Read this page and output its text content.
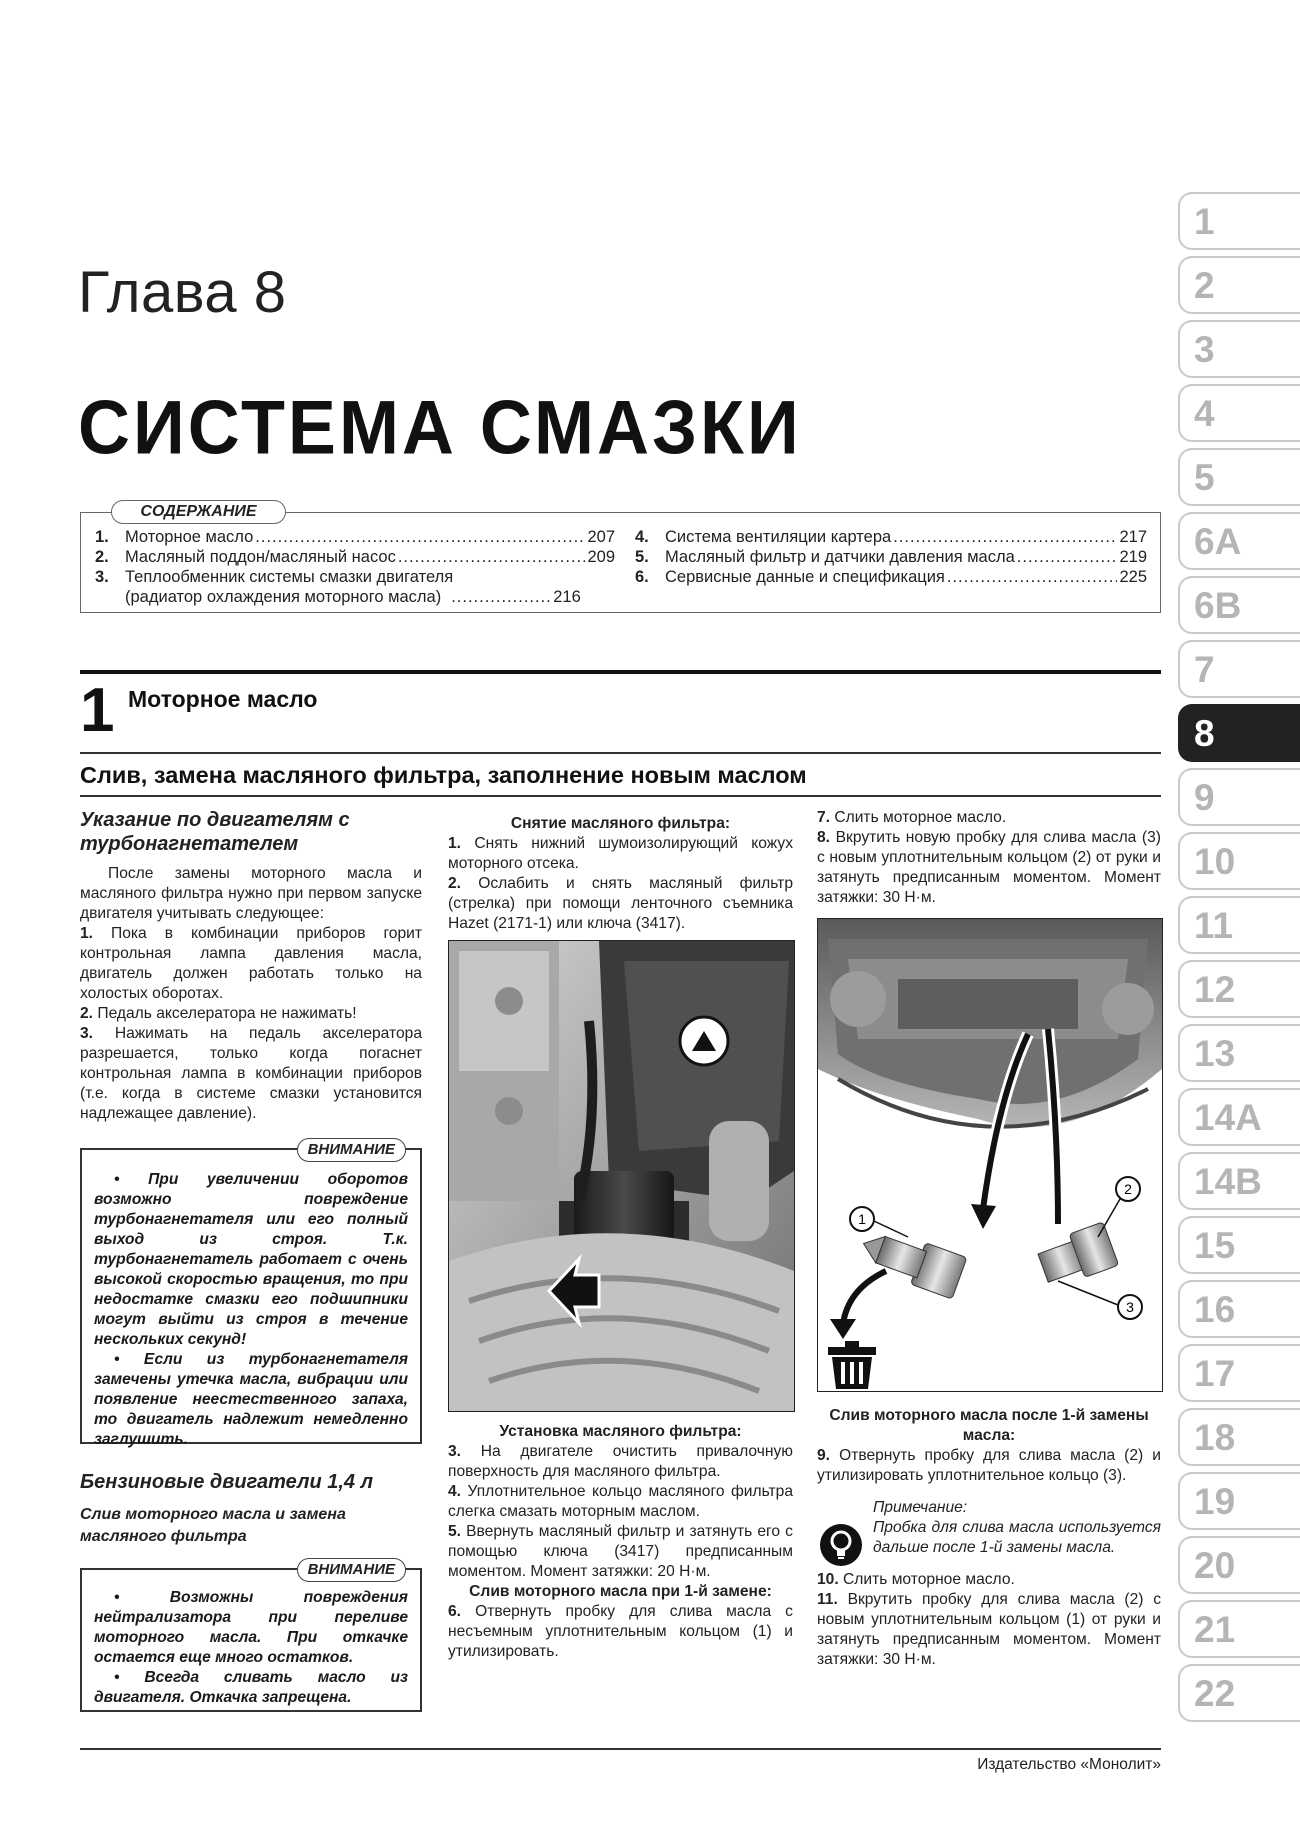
Глава 8
СИСТЕМА СМАЗКИ
СОДЕРЖАНИЕ
1. Моторное масло .....	207
2. Масляный поддон/масляный насос .....	209
3. Теплообменник системы смазки двигателя
(радиатор охлаждения моторного масла) .....	216
4. Система вентиляции картера .....	217
5. Масляный фильтр и датчики давления масла .....	219
6. Сервисные данные и спецификация .....	225
1 Моторное масло
Слив, замена масляного фильтра, заполнение новым маслом

Указание по двигателям с турбонагнетателем

После замены моторного масла и масляного фильтра нужно при первом запуске двигателя учитывать следующее:

1. Пока в комбинации приборов горит контрольная лампа давления масла, двигатель должен работать только на холостых оборотах.

2. Педаль акселератора не нажимать!

3. Нажимать на педаль акселератора разрешается, только когда погаснет контрольная лампа в комбинации приборов (т.е. когда в системе смазки установится надлежащее давление).

ВНИМАНИЕ

• При увеличении оборотов возможно повреждение турбонагнетателя или его полный выход из строя. Т.к. турбонагнетатель работает с очень высокой скоростью вращения, то при недостатке смазки его подшипники могут выйти из строя в течение нескольких секунд!

• Если из турбонагнетателя замечены утечка масла, вибрации или появление неестественного запаха, то двигатель надлежит немедленно заглушить.

Бензиновые двигатели 1,4 л

Слив моторного масла и замена масляного фильтра

ВНИМАНИЕ

• Возможны повреждения нейтрализатора при переливе моторного масла. При откачке остается еще много остатков.

• Всегда сливать масло из двигателя. Откачка запрещена.

Снятие масляного фильтра:

1. Снять нижний шумоизолирующий кожух моторного отсека.

2. Ослабить и снять масляный фильтр (стрелка) при помощи ленточного съемника Hazet (2171-1) или ключа (3417).

Установка масляного фильтра:

3. На двигателе очистить привалочную поверхность для масляного фильтра.

4. Уплотнительное кольцо масляного фильтра слегка смазать моторным маслом.

5. Ввернуть масляный фильтр и затянуть его с помощью ключа (3417) предписанным моментом. Момент затяжки: 20 Н·м.

Слив моторного масла при 1-й замене:

6. Отвернуть пробку для слива масла с несъемным уплотнительным кольцом (1) и утилизировать.

7. Слить моторное масло.

8. Вкрутить новую пробку для слива масла (3) с новым уплотнительным кольцом (2) от руки и затянуть предписанным моментом. Момент затяжки: 30 Н·м.

1
2
3

Слив моторного масла после 1-й замены масла:

9. Отвернуть пробку для слива масла (2) и утилизировать уплотнительное кольцо (3).

Примечание:

Пробка для слива масла используется дальше после 1-й замены масла.

10. Слить моторное масло.

11. Вкрутить пробку для слива масла (2) с новым уплотнительным кольцом (1) от руки и затянуть предписанным моментом. Момент затяжки: 30 Н·м.

1
2
3
4
5
6A
6B
7
8
9
10
11
12
13
14A
14B
15
16
17
18
19
20
21
22
Издательство «Монолит»
